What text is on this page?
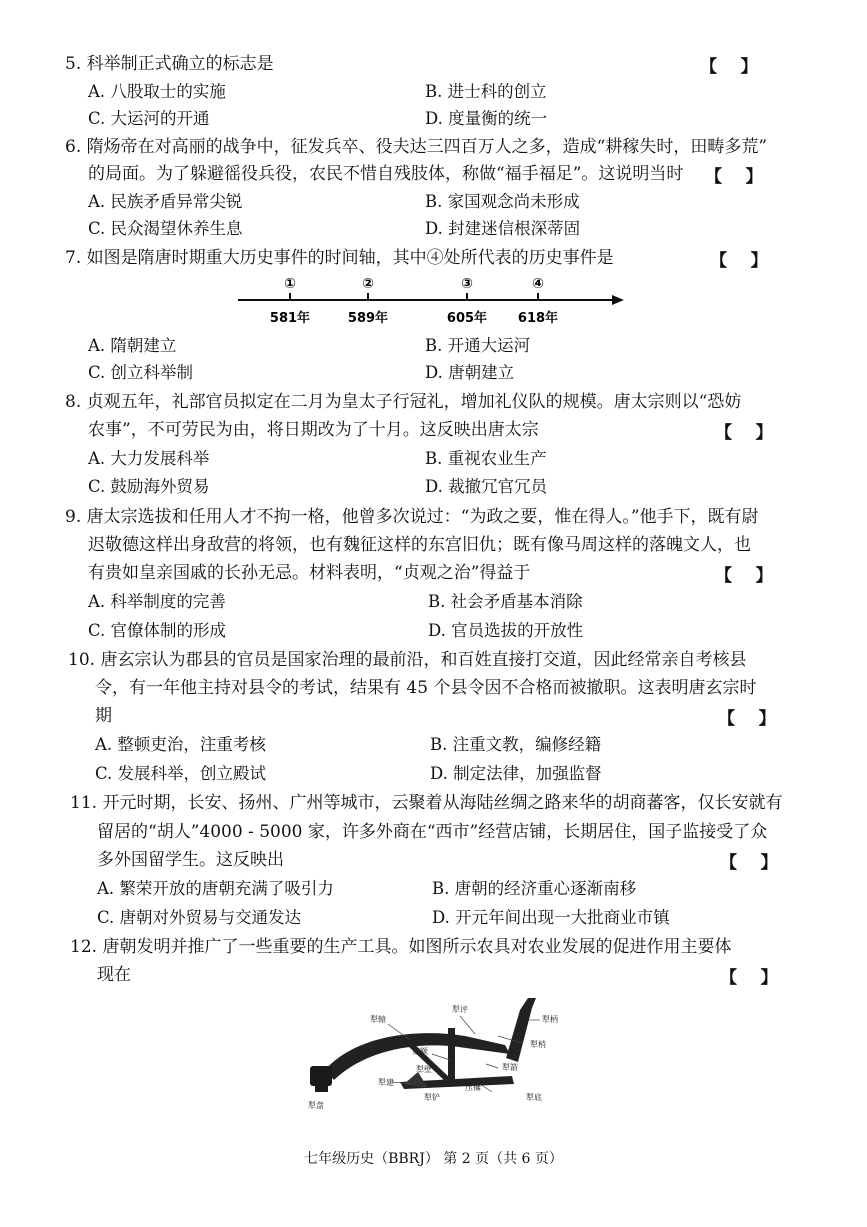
5. 科举制正式确立的标志是	【    】
A. 八股取士的实施	B. 进士科的创立
C. 大运河的开通	D. 度量衡的统一
6. 隋炀帝在对高丽的战争中，征发兵卒、役夫达三四百万人之多，造成“耕稼失时，田畴多荒”
的局面。为了躲避徭役兵役，农民不惜自残肢体，称做“福手福足”。这说明当时 【    】
A. 民族矛盾异常尖锐	B. 家国观念尚未形成
C. 民众渴望休养生息	D. 封建迷信根深蒂固
7. 如图是隋唐时期重大历史事件的时间轴，其中④处所代表的历史事件是	【    】
①
581年
②
589年
③
605年
④
618年
A. 隋朝建立	B. 开通大运河
C. 创立科举制	D. 唐朝建立
8. 贞观五年，礼部官员拟定在二月为皇太子行冠礼，增加礼仪队的规模。唐太宗则以“恐妨
农事”，不可劳民为由，将日期改为了十月。这反映出唐太宗	【    】
A. 大力发展科举	B. 重视农业生产
C. 鼓励海外贸易	D. 裁撤冗官冗员
9. 唐太宗选拔和任用人才不拘一格，他曾多次说过：“为政之要，惟在得人。”他手下，既有尉
迟敬德这样出身敌营的将领，也有魏征这样的东宫旧仇；既有像马周这样的落魄文人，也
有贵如皇亲国戚的长孙无忌。材料表明，“贞观之治”得益于	【    】
A. 科举制度的完善	B. 社会矛盾基本消除
C. 官僚体制的形成	D. 官员选拔的开放性
10. 唐玄宗认为郡县的官员是国家治理的最前沿，和百姓直接打交道，因此经常亲自考核县
令，有一年他主持对县令的考试，结果有 45 个县令因不合格而被撤职。这表明唐玄宗时
期	【    】
A. 整顿吏治，注重考核	B. 注重文教，编修经籍
C. 发展科举，创立殿试	D. 制定法律，加强监督
11. 开元时期，长安、扬州、广州等城市，云聚着从海陆丝绸之路来华的胡商蕃客，仅长安就有
留居的“胡人”4000 - 5000 家，许多外商在“西市”经营店铺，长期居住，国子监接受了众
多外国留学生。这反映出	【    】
A. 繁荣开放的唐朝充满了吸引力	B. 唐朝的经济重心逐渐南移
C. 唐朝对外贸易与交通发达	D. 开元年间出现一大批商业市镇
12. 唐朝发明并推广了一些重要的生产工具。如图所示农具对农业发展的促进作用主要体
现在	【    】
犁评
犁柄
犁辕
犁箭
压镵
犁梢
策额
犁建
犁壁
犁底
犁铲
犁盘
七年级历史（BBRJ） 第 2 页（共 6 页）
